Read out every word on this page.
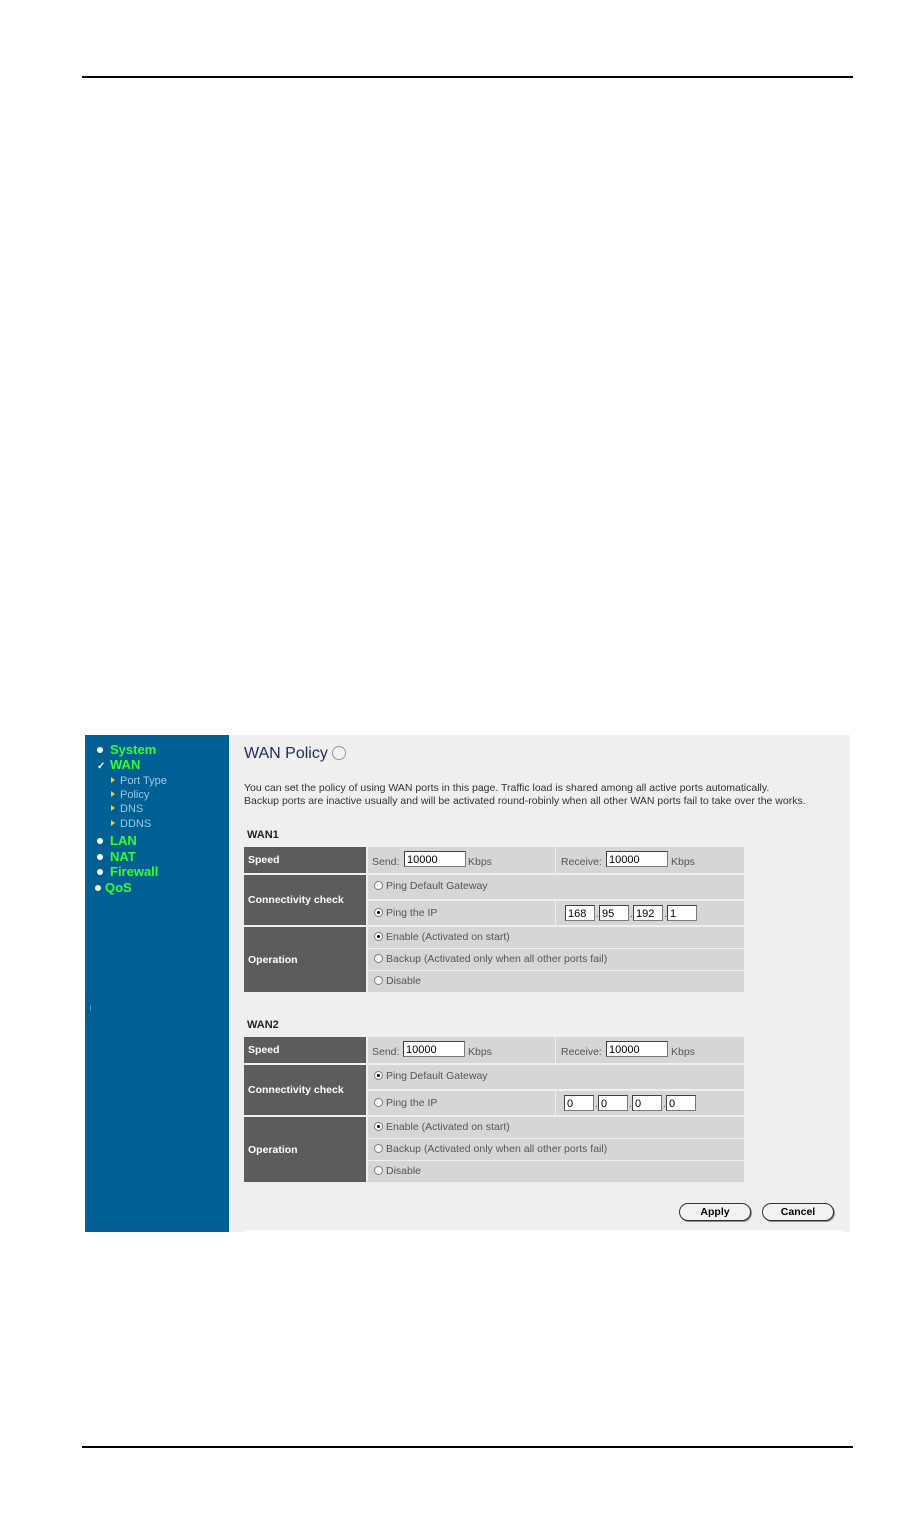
System
✓ WAN
Port Type
Policy
DNS
DDNS
LAN
NAT
Firewall
QoS
WAN Policy
You can set the policy of using WAN ports in this page. Traffic load is shared among all active ports automatically.
Backup ports are inactive usually and will be activated round-robinly when all other WAN ports fail to take over the works.
WAN1
Speed	Send: 10000	Kbps	Receive: 10000	Kbps
Connectivity check
Ping Default Gateway
Ping the IP	168 . 95	. 192 . 1
Operation
Enable (Activated on start)
Backup (Activated only when all other ports fail)
Disable
WAN2
Speed	Send: 10000	Kbps	Receive: 10000	Kbps
Connectivity check
Ping Default Gateway
Ping the IP	0	. 0	. 0	. 0
Operation
Enable (Activated on start)
Backup (Activated only when all other ports fail)
Disable
Apply	Cancel
